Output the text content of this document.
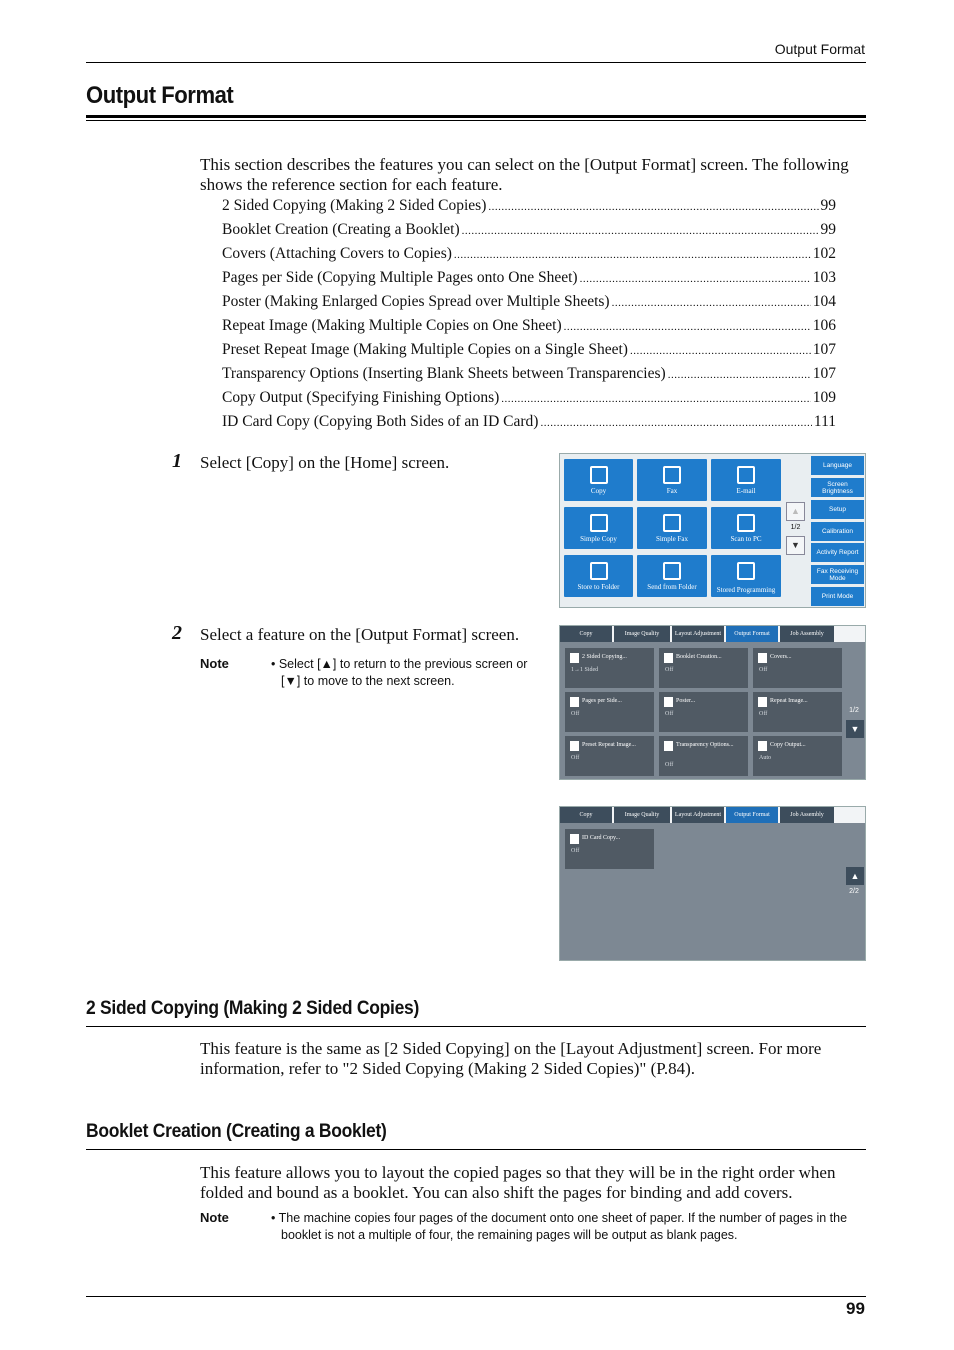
Output Format
Output Format
This section describes the features you can select on the [Output Format] screen. The following shows the reference section for each feature.
2 Sided Copying (Making 2 Sided Copies) .....	99
Booklet Creation (Creating a Booklet) .....	99
Covers (Attaching Covers to Copies) .....	102
Pages per Side (Copying Multiple Pages onto One Sheet) .....	103
Poster (Making Enlarged Copies Spread over Multiple Sheets) .....	104
Repeat Image (Making Multiple Copies on One Sheet) .....	106
Preset Repeat Image (Making Multiple Copies on a Single Sheet) .....	107
Transparency Options (Inserting Blank Sheets between Transparencies) .....	107
Copy Output (Specifying Finishing Options) .....	109
ID Card Copy (Copying Both Sides of an ID Card) .....	111
1 Select [Copy] on the [Home] screen.
Copy	Fax	E-mail
Simple Copy	Simple Fax	Scan to PC
Store to Folder	Send from Folder	Stored Programming
▲
1/2
▼
Language
Screen Brightness
Setup
Calibration
Activity Report
Fax Receiving Mode
Print Mode
2 Select a feature on the [Output Format] screen.
Note	• Select [▲] to return to the previous screen or
[▼] to move to the next screen.
Copy	Image Quality	Layout Adjustment	Output Format	Job Assembly
2 Sided Copying...
1→1 Sided
Booklet Creation...
Off
Covers...
Off
Pages per Side...
Off
Poster...
Off
Repeat Image...
Off
Preset Repeat Image...
Off
Transparency Options...
Off
Copy Output...
Auto
1/2
▼
Copy	Image Quality	Layout Adjustment	Output Format	Job Assembly
ID Card Copy...
Off
▲
2/2
2 Sided Copying (Making 2 Sided Copies)
This feature is the same as [2 Sided Copying] on the [Layout Adjustment] screen. For more information, refer to "2 Sided Copying (Making 2 Sided Copies)" (P.84).
Booklet Creation (Creating a Booklet)
This feature allows you to layout the copied pages so that they will be in the right order when folded and bound as a booklet. You can also shift the pages for binding and add covers.
Note	• The machine copies four pages of the document onto one sheet of paper. If the number of pages in the
booklet is not a multiple of four, the remaining pages will be output as blank pages.
99
